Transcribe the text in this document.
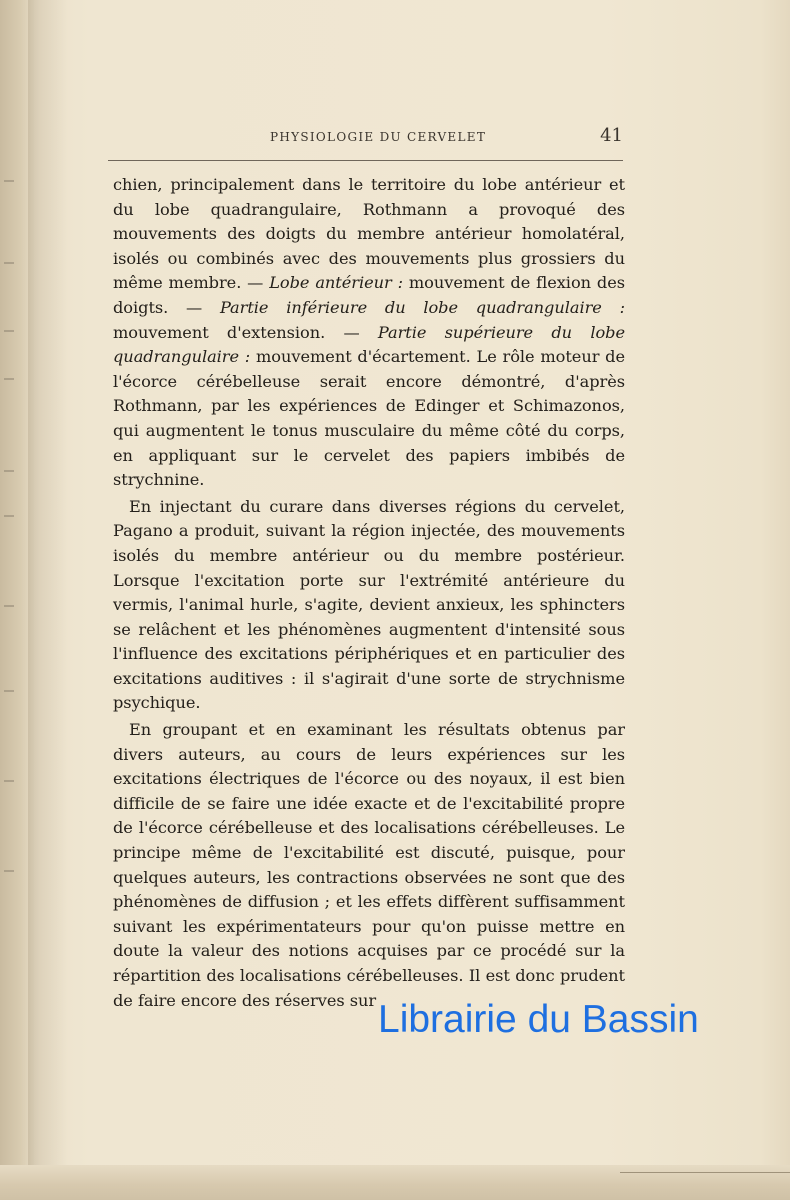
PHYSIOLOGIE DU CERVELET	41

chien, principalement dans le territoire du lobe antérieur et du lobe quadrangulaire, Rothmann a provoqué des mouvements des doigts du membre antérieur homolatéral, isolés ou combinés avec des mouvements plus grossiers du même membre. — Lobe antérieur : mouvement de flexion des doigts. — Partie inférieure du lobe quadrangulaire : mouvement d'extension. — Partie supérieure du lobe quadrangulaire : mouvement d'écartement. Le rôle moteur de l'écorce cérébelleuse serait encore démontré, d'après Rothmann, par les expériences de Edinger et Schimazonos, qui augmentent le tonus musculaire du même côté du corps, en appliquant sur le cervelet des papiers imbibés de strychnine.

En injectant du curare dans diverses régions du cervelet, Pagano a produit, suivant la région injectée, des mouvements isolés du membre antérieur ou du membre postérieur. Lorsque l'excitation porte sur l'extrémité antérieure du vermis, l'animal hurle, s'agite, devient anxieux, les sphincters se relâchent et les phénomènes augmentent d'intensité sous l'influence des excitations périphériques et en particulier des excitations auditives : il s'agirait d'une sorte de strychnisme psychique.

En groupant et en examinant les résultats obtenus par divers auteurs, au cours de leurs expériences sur les excitations électriques de l'écorce ou des noyaux, il est bien difficile de se faire une idée exacte et de l'excitabilité propre de l'écorce cérébelleuse et des localisations cérébelleuses. Le principe même de l'excitabilité est discuté, puisque, pour quelques auteurs, les contractions observées ne sont que des phénomènes de diffusion ; et les effets diffèrent suffisamment suivant les expérimentateurs pour qu'on puisse mettre en doute la valeur des notions acquises par ce procédé sur la répartition des localisations cérébelleuses. Il est donc prudent de faire encore des réserves sur Librairie du Bassin
